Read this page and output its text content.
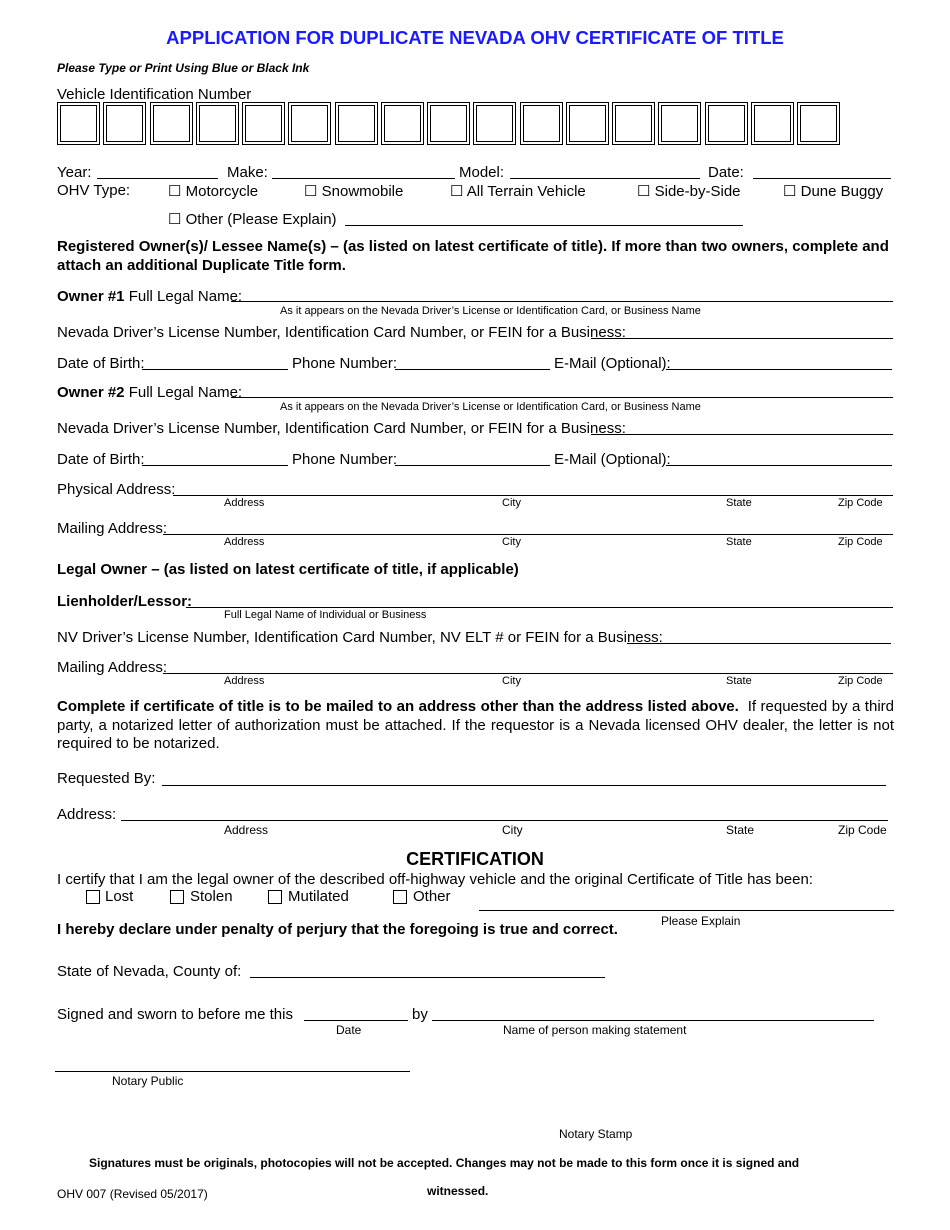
APPLICATION FOR DUPLICATE NEVADA OHV CERTIFICATE OF TITLE
Please Type or Print Using Blue or Black Ink
Vehicle Identification Number
Year:	Make:	Model:	Date:
OHV Type:	☐ Motorcycle	☐ Snowmobile	☐ All Terrain Vehicle	☐ Side-by-Side	☐ Dune Buggy
☐ Other (Please Explain)
Registered Owner(s)/ Lessee Name(s) – (as listed on latest certificate of title). If more than two owners, complete and attach an additional Duplicate Title form.
Owner #1 Full Legal Name:
As it appears on the Nevada Driver’s License or Identification Card, or Business Name
Nevada Driver’s License Number, Identification Card Number, or FEIN for a Business:
Date of Birth:	Phone Number:	E-Mail (Optional):
Owner #2 Full Legal Name:
As it appears on the Nevada Driver’s License or Identification Card, or Business Name
Nevada Driver’s License Number, Identification Card Number, or FEIN for a Business:
Date of Birth:	Phone Number:	E-Mail (Optional):
Physical Address:
Address	City	State	Zip Code
Mailing Address:
Address	City	State	Zip Code
Legal Owner – (as listed on latest certificate of title, if applicable)
Lienholder/Lessor:
Full Legal Name of Individual or Business
NV Driver’s License Number, Identification Card Number, NV ELT # or FEIN for a Business:
Mailing Address:
Address	City	State	Zip Code
Complete if certificate of title is to be mailed to an address other than the address listed above. If requested by a third party, a notarized letter of authorization must be attached. If the requestor is a Nevada licensed OHV dealer, the letter is not required to be notarized.
Requested By:
Address:
Address	City	State	Zip Code
CERTIFICATION
I certify that I am the legal owner of the described off-highway vehicle and the original Certificate of Title has been:
Lost	Stolen	Mutilated	Other
Please Explain
I hereby declare under penalty of perjury that the foregoing is true and correct.
State of Nevada, County of:
Signed and sworn to before me this	by
Date	Name of person making statement
Notary Public
Notary Stamp
Signatures must be originals, photocopies will not be accepted. Changes may not be made to this form once it is signed and
witnessed.
OHV 007 (Revised 05/2017)
